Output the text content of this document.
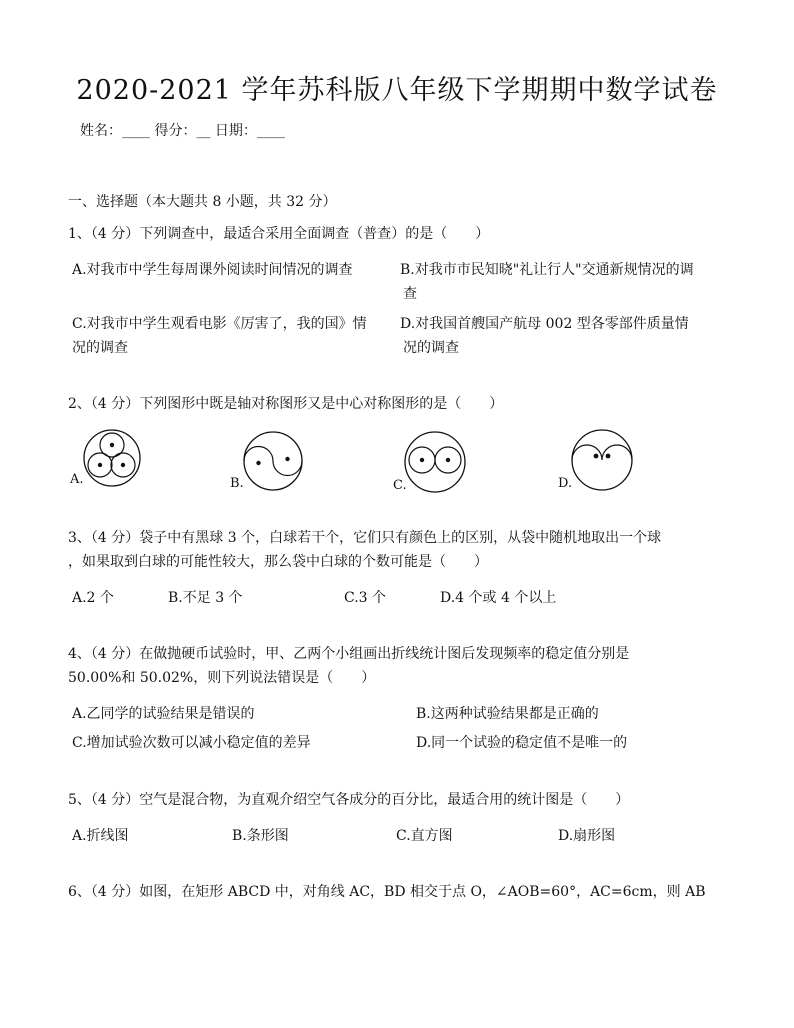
2020-2021 学年苏科版八年级下学期期中数学试卷
姓名：____ 得分：__ 日期：____
一、选择题（本大题共 8 小题，共 32 分）
1、（4 分）下列调查中，最适合采用全面调查（普查）的是（　　）
A.对我市中学生每周课外阅读时间情况的调查	B.对我市市民知晓"礼让行人"交通新规情况的调
查
C.对我市中学生观看电影《厉害了，我的国》情
况的调查
D.对我国首艘国产航母 002 型各零部件质量情
况的调查
2、（4 分）下列图形中既是轴对称图形又是中心对称图形的是（　　）
A.	B.	C.	D.
3、（4 分）袋子中有黑球 3 个，白球若干个，它们只有颜色上的区别，从袋中随机地取出一个球
，如果取到白球的可能性较大，那么袋中白球的个数可能是（　　）
A.2 个	B.不足 3 个	C.3 个	D.4 个或 4 个以上
4、（4 分）在做抛硬币试验时，甲、乙两个小组画出折线统计图后发现频率的稳定值分别是
50.00%和 50.02%，则下列说法错误是（　　）
A.乙同学的试验结果是错误的	B.这两种试验结果都是正确的
C.增加试验次数可以减小稳定值的差异	D.同一个试验的稳定值不是唯一的
5、（4 分）空气是混合物，为直观介绍空气各成分的百分比，最适合用的统计图是（　　）
A.折线图	B.条形图	C.直方图	D.扇形图
6、（4 分）如图，在矩形 ABCD 中，对角线 AC，BD 相交于点 O，∠AOB=60°，AC=6cm，则 AB
